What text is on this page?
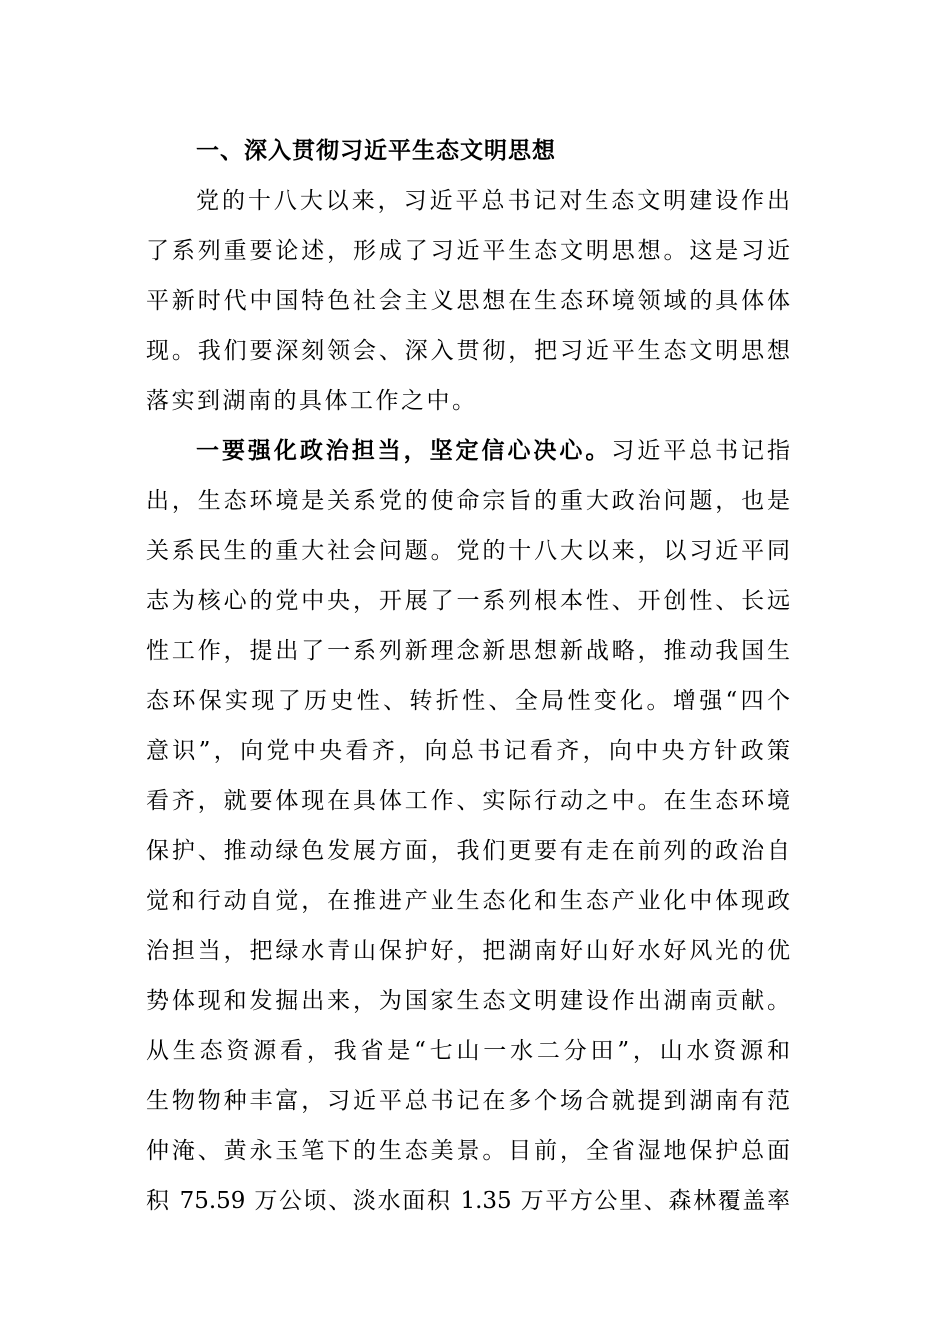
一、深入贯彻习近平生态文明思想
党的十八大以来，习近平总书记对生态文明建设作出
了系列重要论述，形成了习近平生态文明思想。这是习近
平新时代中国特色社会主义思想在生态环境领域的具体体
现。我们要深刻领会、深入贯彻，把习近平生态文明思想
落实到湖南的具体工作之中。
一要强化政治担当，坚定信心决心。习近平总书记指
出，生态环境是关系党的使命宗旨的重大政治问题，也是
关系民生的重大社会问题。党的十八大以来，以习近平同
志为核心的党中央，开展了一系列根本性、开创性、长远
性工作，提出了一系列新理念新思想新战略，推动我国生
态环保实现了历史性、转折性、全局性变化。增强“四个
意识”，向党中央看齐，向总书记看齐，向中央方针政策
看齐，就要体现在具体工作、实际行动之中。在生态环境
保护、推动绿色发展方面，我们更要有走在前列的政治自
觉和行动自觉，在推进产业生态化和生态产业化中体现政
治担当，把绿水青山保护好，把湖南好山好水好风光的优
势体现和发掘出来，为国家生态文明建设作出湖南贡献。
从生态资源看，我省是“七山一水二分田”，山水资源和
生物物种丰富，习近平总书记在多个场合就提到湖南有范
仲淹、黄永玉笔下的生态美景。目前，全省湿地保护总面
积 75.59 万公顷、淡水面积 1.35 万平方公里、森林覆盖率
